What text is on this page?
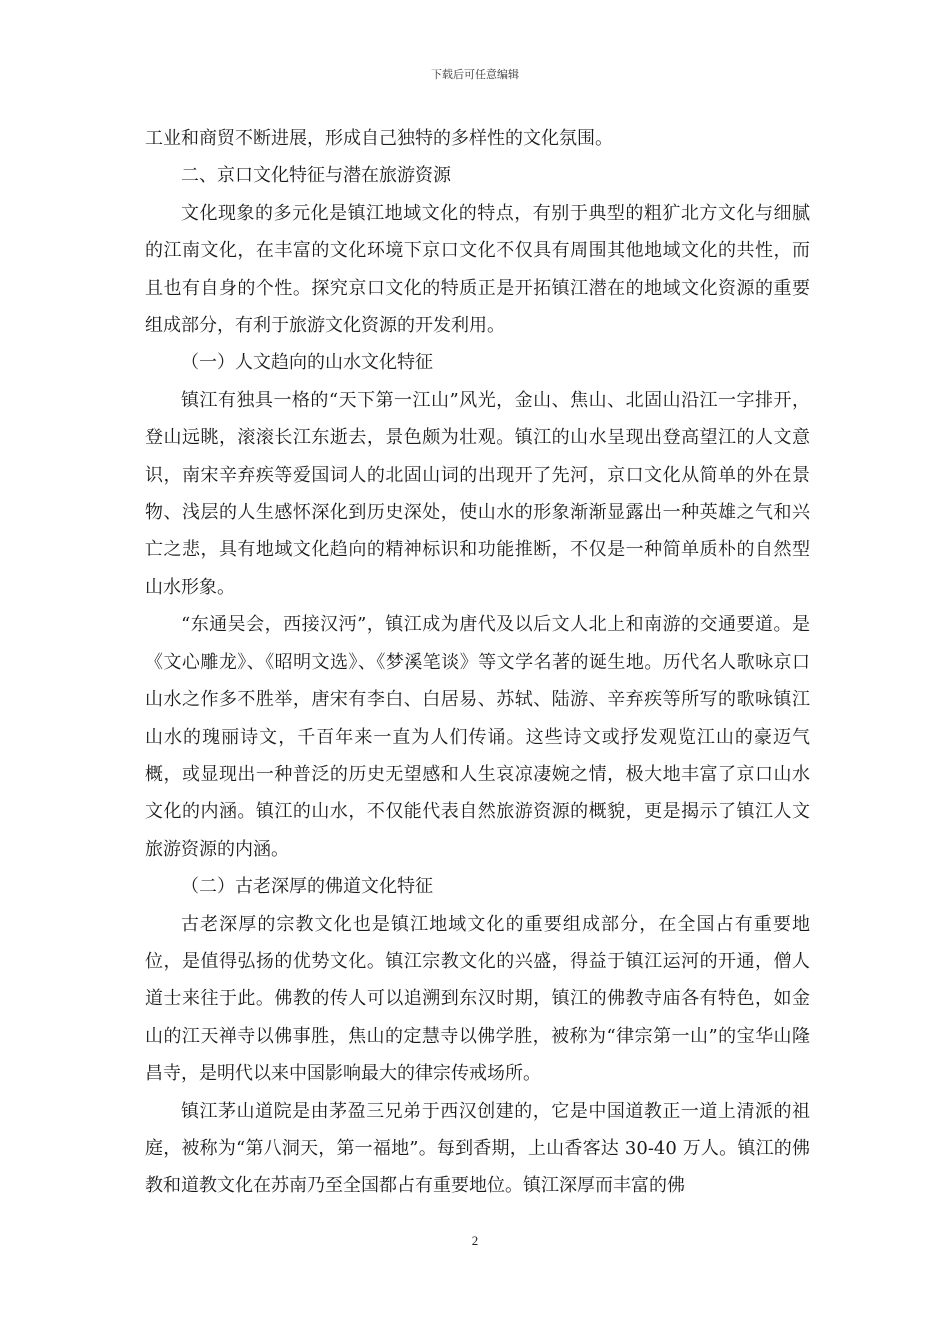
下载后可任意编辑

工业和商贸不断进展，形成自己独特的多样性的文化氛围。

二、京口文化特征与潜在旅游资源

文化现象的多元化是镇江地域文化的特点，有别于典型的粗犷北方文化与细腻的江南文化，在丰富的文化环境下京口文化不仅具有周围其他地域文化的共性，而且也有自身的个性。探究京口文化的特质正是开拓镇江潜在的地域文化资源的重要组成部分，有利于旅游文化资源的开发利用。

（一）人文趋向的山水文化特征

镇江有独具一格的“天下第一江山”风光，金山、焦山、北固山沿江一字排开，登山远眺，滚滚长江东逝去，景色颇为壮观。镇江的山水呈现出登高望江的人文意识，南宋辛弃疾等爱国词人的北固山词的出现开了先河，京口文化从简单的外在景物、浅层的人生感怀深化到历史深处，使山水的形象渐渐显露出一种英雄之气和兴亡之悲，具有地域文化趋向的精神标识和功能推断，不仅是一种简单质朴的自然型山水形象。

“东通吴会，西接汉沔”，镇江成为唐代及以后文人北上和南游的交通要道。是《文心雕龙》、《昭明文选》、《梦溪笔谈》等文学名著的诞生地。历代名人歌咏京口山水之作多不胜举，唐宋有李白、白居易、苏轼、陆游、辛弃疾等所写的歌咏镇江山水的瑰丽诗文，千百年来一直为人们传诵。这些诗文或抒发观览江山的豪迈气概，或显现出一种普泛的历史无望感和人生哀凉凄婉之情，极大地丰富了京口山水文化的内涵。镇江的山水，不仅能代表自然旅游资源的概貌，更是揭示了镇江人文旅游资源的内涵。

（二）古老深厚的佛道文化特征

古老深厚的宗教文化也是镇江地域文化的重要组成部分，在全国占有重要地位，是值得弘扬的优势文化。镇江宗教文化的兴盛，得益于镇江运河的开通，僧人道士来往于此。佛教的传人可以追溯到东汉时期，镇江的佛教寺庙各有特色，如金山的江天禅寺以佛事胜，焦山的定慧寺以佛学胜，被称为“律宗第一山”的宝华山隆昌寺，是明代以来中国影响最大的律宗传戒场所。

镇江茅山道院是由茅盈三兄弟于西汉创建的，它是中国道教正一道上清派的祖庭，被称为“第八洞天，第一福地”。每到香期，上山香客达 30-40 万人。镇江的佛教和道教文化在苏南乃至全国都占有重要地位。镇江深厚而丰富的佛

2
